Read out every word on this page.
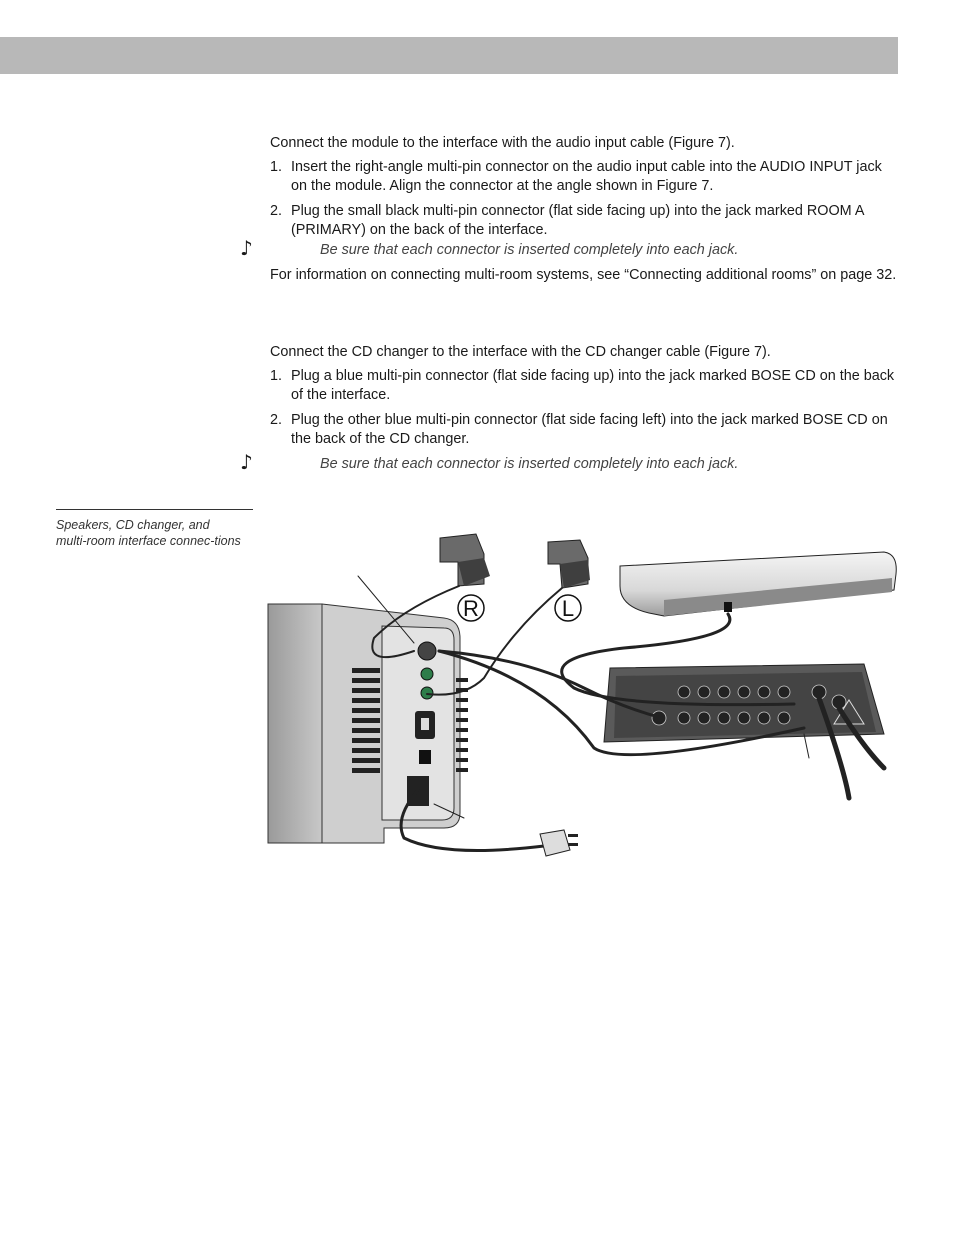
Connect the module to the interface with the audio input cable (Figure 7).

1. Insert the right-angle multi-pin connector on the audio input cable into the AUDIO INPUT jack on the module. Align the connector at the angle shown in Figure 7.
2. Plug the small black multi-pin connector (flat side facing up) into the jack marked ROOM A (PRIMARY) on the back of the interface.
♪	Be sure that each connector is inserted completely into each jack.

For information on connecting multi-room systems, see “Connecting additional rooms” on page 32.

Connect the CD changer to the interface with the CD changer cable (Figure 7).

1. Plug a blue multi-pin connector (flat side facing up) into the jack marked BOSE CD on the back of the interface.
2. Plug the other blue multi-pin connector (flat side facing left) into the jack marked BOSE CD on the back of the CD changer.
♪	Be sure that each connector is inserted completely into each jack.
Speakers, CD changer, and multi-room interface connec-tions
R	L
